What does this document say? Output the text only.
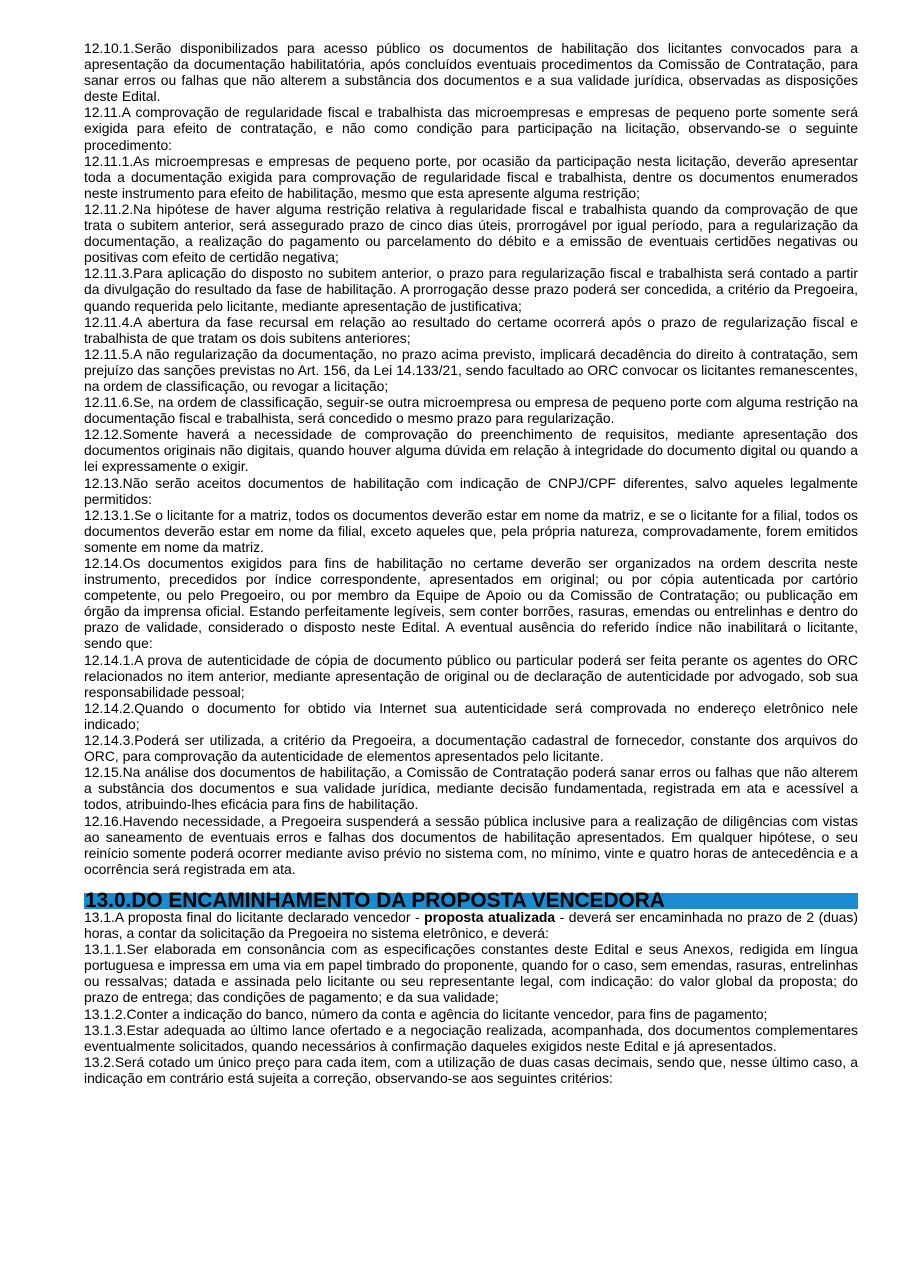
12.10.1.Serão disponibilizados para acesso público os documentos de habilitação dos licitantes convocados para a apresentação da documentação habilitatória, após concluídos eventuais procedimentos da Comissão de Contratação, para sanar erros ou falhas que não alterem a substância dos documentos e a sua validade jurídica, observadas as disposições deste Edital.

12.11.A comprovação de regularidade fiscal e trabalhista das microempresas e empresas de pequeno porte somente será exigida para efeito de contratação, e não como condição para participação na licitação, observando-se o seguinte procedimento:

12.11.1.As microempresas e empresas de pequeno porte, por ocasião da participação nesta licitação, deverão apresentar toda a documentação exigida para comprovação de regularidade fiscal e trabalhista, dentre os documentos enumerados neste instrumento para efeito de habilitação, mesmo que esta apresente alguma restrição;

12.11.2.Na hipótese de haver alguma restrição relativa à regularidade fiscal e trabalhista quando da comprovação de que trata o subitem anterior, será assegurado prazo de cinco dias úteis, prorrogável por igual período, para a regularização da documentação, a realização do pagamento ou parcelamento do débito e a emissão de eventuais certidões negativas ou positivas com efeito de certidão negativa;

12.11.3.Para aplicação do disposto no subitem anterior, o prazo para regularização fiscal e trabalhista será contado a partir da divulgação do resultado da fase de habilitação. A prorrogação desse prazo poderá ser concedida, a critério da Pregoeira, quando requerida pelo licitante, mediante apresentação de justificativa;

12.11.4.A abertura da fase recursal em relação ao resultado do certame ocorrerá após o prazo de regularização fiscal e trabalhista de que tratam os dois subitens anteriores;

12.11.5.A não regularização da documentação, no prazo acima previsto, implicará decadência do direito à contratação, sem prejuízo das sanções previstas no Art. 156, da Lei 14.133/21, sendo facultado ao ORC convocar os licitantes remanescentes, na ordem de classificação, ou revogar a licitação;

12.11.6.Se, na ordem de classificação, seguir-se outra microempresa ou empresa de pequeno porte com alguma restrição na documentação fiscal e trabalhista, será concedido o mesmo prazo para regularização.

12.12.Somente haverá a necessidade de comprovação do preenchimento de requisitos, mediante apresentação dos documentos originais não digitais, quando houver alguma dúvida em relação à integridade do documento digital ou quando a lei expressamente o exigir.

12.13.Não serão aceitos documentos de habilitação com indicação de CNPJ/CPF diferentes, salvo aqueles legalmente permitidos:

12.13.1.Se o licitante for a matriz, todos os documentos deverão estar em nome da matriz, e se o licitante for a filial, todos os documentos deverão estar em nome da filial, exceto aqueles que, pela própria natureza, comprovadamente, forem emitidos somente em nome da matriz.

12.14.Os documentos exigidos para fins de habilitação no certame deverão ser organizados na ordem descrita neste instrumento, precedidos por índice correspondente, apresentados em original; ou por cópia autenticada por cartório competente, ou pelo Pregoeiro, ou por membro da Equipe de Apoio ou da Comissão de Contratação; ou publicação em órgão da imprensa oficial. Estando perfeitamente legíveis, sem conter borrões, rasuras, emendas ou entrelinhas e dentro do prazo de validade, considerado o disposto neste Edital. A eventual ausência do referido índice não inabilitará o licitante, sendo que:

12.14.1.A prova de autenticidade de cópia de documento público ou particular poderá ser feita perante os agentes do ORC relacionados no item anterior, mediante apresentação de original ou de declaração de autenticidade por advogado, sob sua responsabilidade pessoal;

12.14.2.Quando o documento for obtido via Internet sua autenticidade será comprovada no endereço eletrônico nele indicado;

12.14.3.Poderá ser utilizada, a critério da Pregoeira, a documentação cadastral de fornecedor, constante dos arquivos do ORC, para comprovação da autenticidade de elementos apresentados pelo licitante.

12.15.Na análise dos documentos de habilitação, a Comissão de Contratação poderá sanar erros ou falhas que não alterem a substância dos documentos e sua validade jurídica, mediante decisão fundamentada, registrada em ata e acessível a todos, atribuindo-lhes eficácia para fins de habilitação.

12.16.Havendo necessidade, a Pregoeira suspenderá a sessão pública inclusive para a realização de diligências com vistas ao saneamento de eventuais erros e falhas dos documentos de habilitação apresentados. Em qualquer hipótese, o seu reinício somente poderá ocorrer mediante aviso prévio no sistema com, no mínimo, vinte e quatro horas de antecedência e a ocorrência será registrada em ata.

13.0.DO ENCAMINHAMENTO DA PROPOSTA VENCEDORA

13.1.A proposta final do licitante declarado vencedor - proposta atualizada - deverá ser encaminhada no prazo de 2 (duas) horas, a contar da solicitação da Pregoeira no sistema eletrônico, e deverá:

13.1.1.Ser elaborada em consonância com as especificações constantes deste Edital e seus Anexos, redigida em língua portuguesa e impressa em uma via em papel timbrado do proponente, quando for o caso, sem emendas, rasuras, entrelinhas ou ressalvas; datada e assinada pelo licitante ou seu representante legal, com indicação: do valor global da proposta; do prazo de entrega; das condições de pagamento; e da sua validade;

13.1.2.Conter a indicação do banco, número da conta e agência do licitante vencedor, para fins de pagamento;

13.1.3.Estar adequada ao último lance ofertado e a negociação realizada, acompanhada, dos documentos complementares eventualmente solicitados, quando necessários à confirmação daqueles exigidos neste Edital e já apresentados.

13.2.Será cotado um único preço para cada item, com a utilização de duas casas decimais, sendo que, nesse último caso, a indicação em contrário está sujeita a correção, observando-se aos seguintes critérios:
